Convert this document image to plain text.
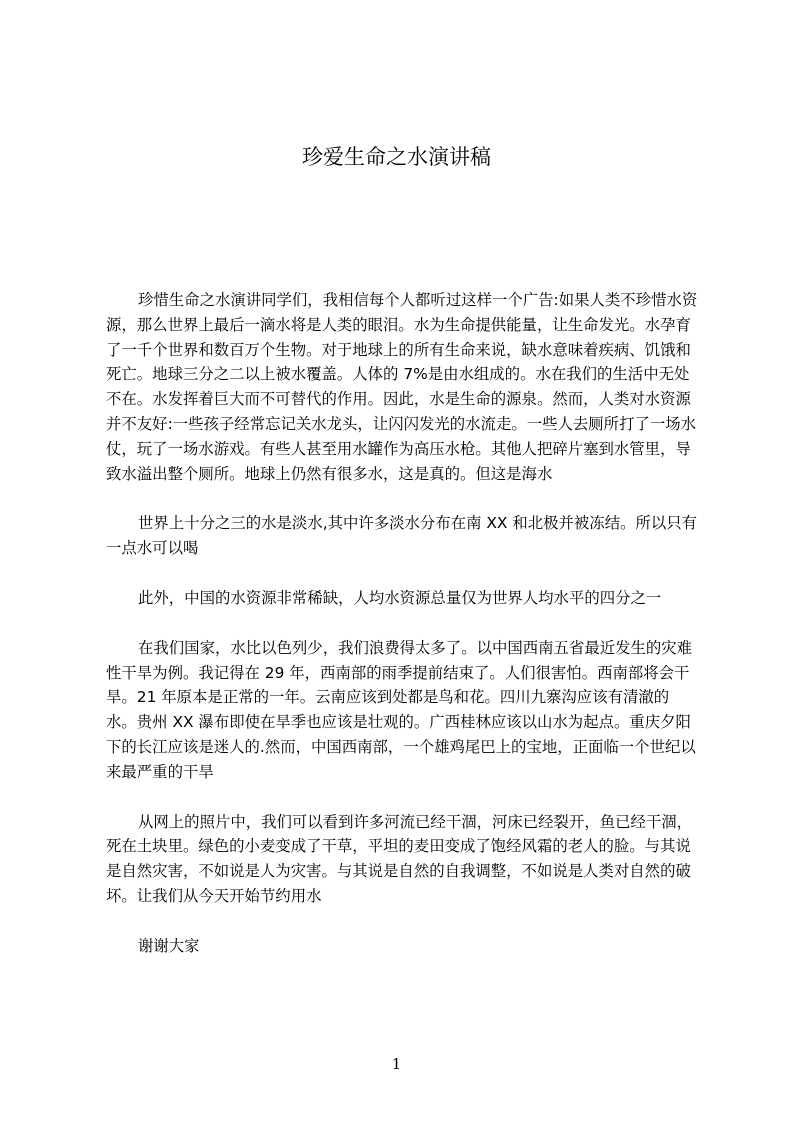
珍爱生命之水演讲稿

珍惜生命之水演讲同学们，我相信每个人都听过这样一个广告:如果人类不珍惜水资源，那么世界上最后一滴水将是人类的眼泪。水为生命提供能量，让生命发光。水孕育了一千个世界和数百万个生物。对于地球上的所有生命来说，缺水意味着疾病、饥饿和死亡。地球三分之二以上被水覆盖。人体的 7%是由水组成的。水在我们的生活中无处不在。水发挥着巨大而不可替代的作用。因此，水是生命的源泉。然而，人类对水资源并不友好:一些孩子经常忘记关水龙头，让闪闪发光的水流走。一些人去厕所打了一场水仗，玩了一场水游戏。有些人甚至用水罐作为高压水枪。其他人把碎片塞到水管里，导致水溢出整个厕所。地球上仍然有很多水，这是真的。但这是海水

世界上十分之三的水是淡水,其中许多淡水分布在南 XX 和北极并被冻结。所以只有一点水可以喝

此外，中国的水资源非常稀缺，人均水资源总量仅为世界人均水平的四分之一

在我们国家，水比以色列少，我们浪费得太多了。以中国西南五省最近发生的灾难性干旱为例。我记得在 29 年，西南部的雨季提前结束了。人们很害怕。西南部将会干旱。21 年原本是正常的一年。云南应该到处都是鸟和花。四川九寨沟应该有清澈的水。贵州 XX 瀑布即使在旱季也应该是壮观的。广西桂林应该以山水为起点。重庆夕阳下的长江应该是迷人的.然而，中国西南部，一个雄鸡尾巴上的宝地，正面临一个世纪以来最严重的干旱

从网上的照片中，我们可以看到许多河流已经干涸，河床已经裂开，鱼已经干涸，死在土块里。绿色的小麦变成了干草，平坦的麦田变成了饱经风霜的老人的脸。与其说是自然灾害，不如说是人为灾害。与其说是自然的自我调整，不如说是人类对自然的破坏。让我们从今天开始节约用水

谢谢大家

1
